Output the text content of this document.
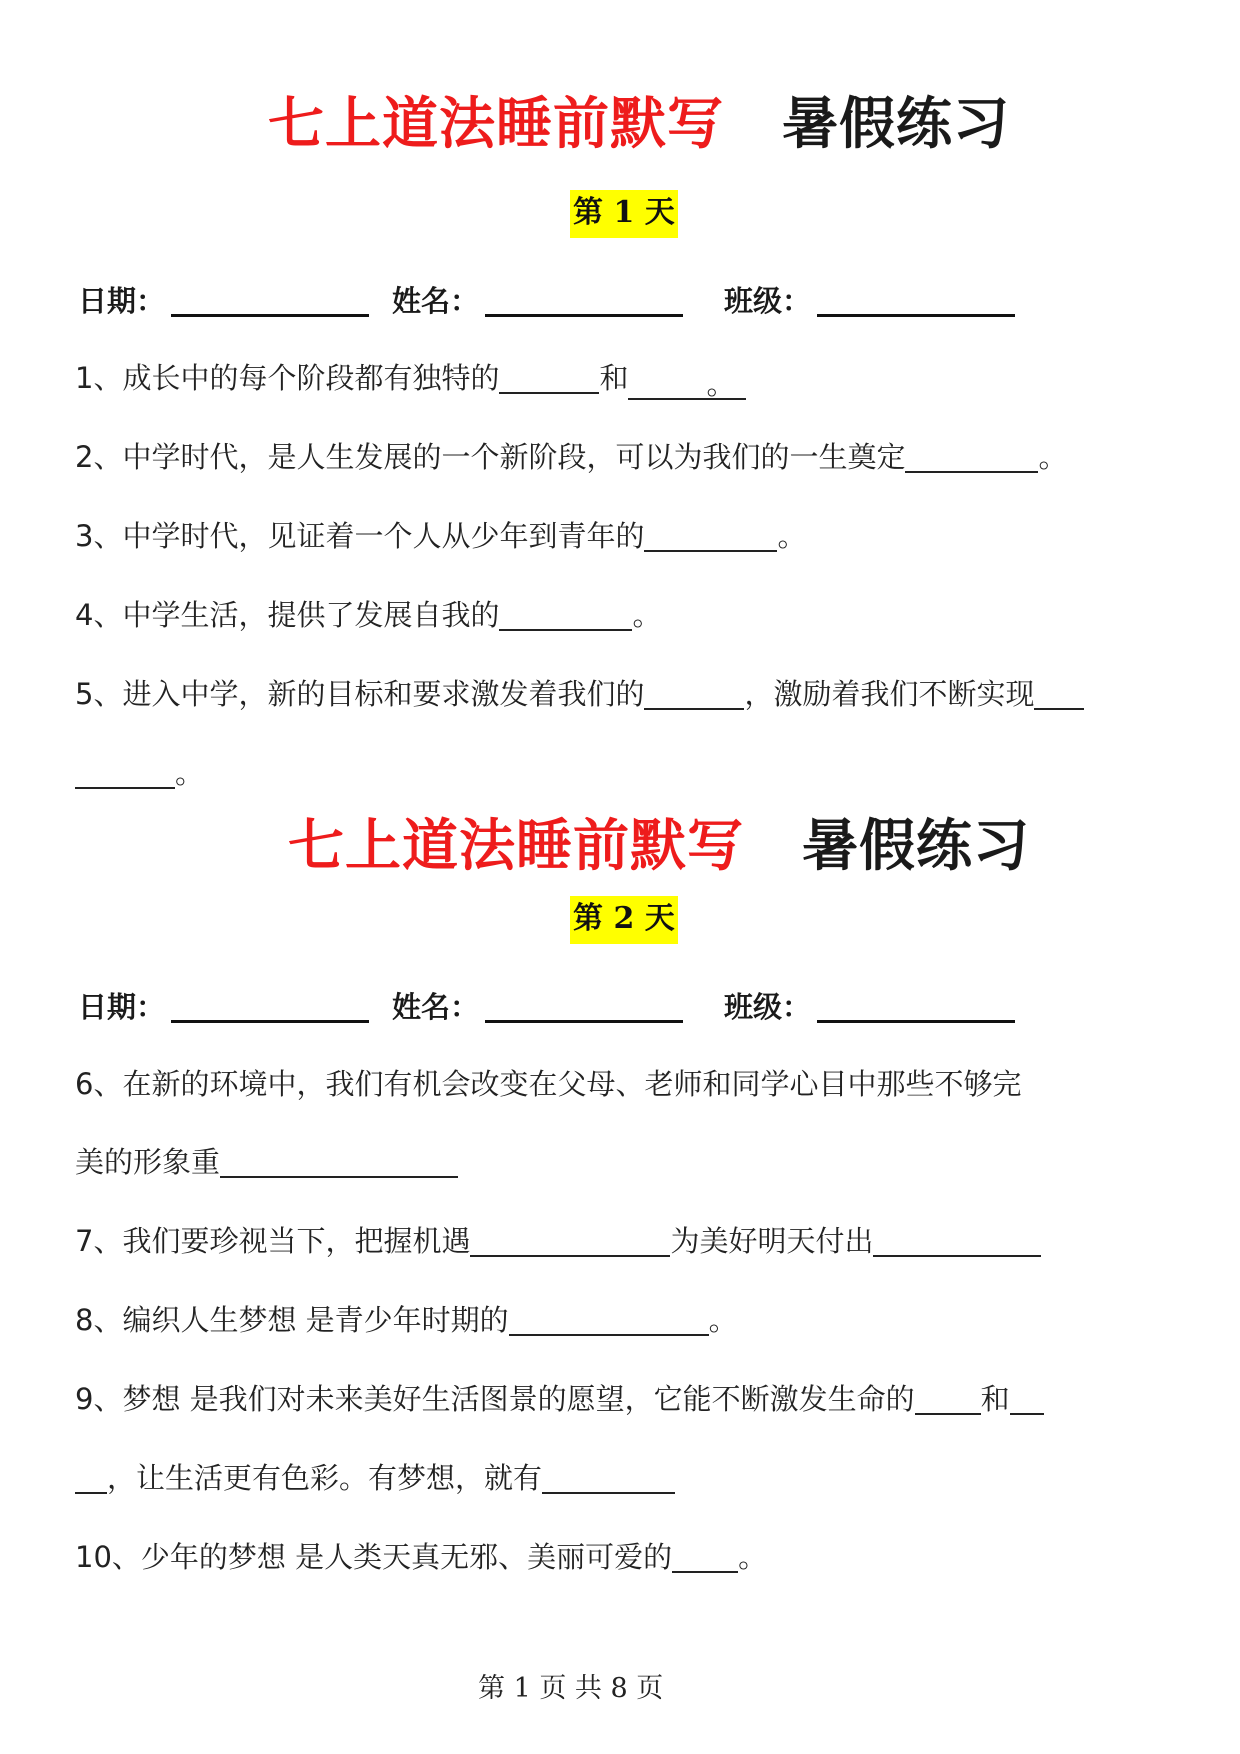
七上道法睡前默写 暑假练习
第 1 天
日期：	姓名：	班级：
1、成长中的每个阶段都有独特的	和	。
2、中学时代，是人生发展的一个新阶段，可以为我们的一生奠定	。
3、中学时代，见证着一个人从少年到青年的	。
4、中学生活，提供了发展自我的	。
5、进入中学，新的目标和要求激发着我们的	，激励着我们不断实现
。
七上道法睡前默写 暑假练习
第 2 天
日期：	姓名：	班级：
6、在新的环境中，我们有机会改变在父母、老师和同学心目中那些不够完
美的形象重
7、我们要珍视当下，把握机遇	为美好明天付出
8、编织人生梦想 是青少年时期的	。
9、梦想 是我们对未来美好生活图景的愿望，它能不断激发生命的 和
，让生活更有色彩。有梦想，就有
10、少年的梦想 是人类天真无邪、美丽可爱的 。
第 1 页 共 8 页
